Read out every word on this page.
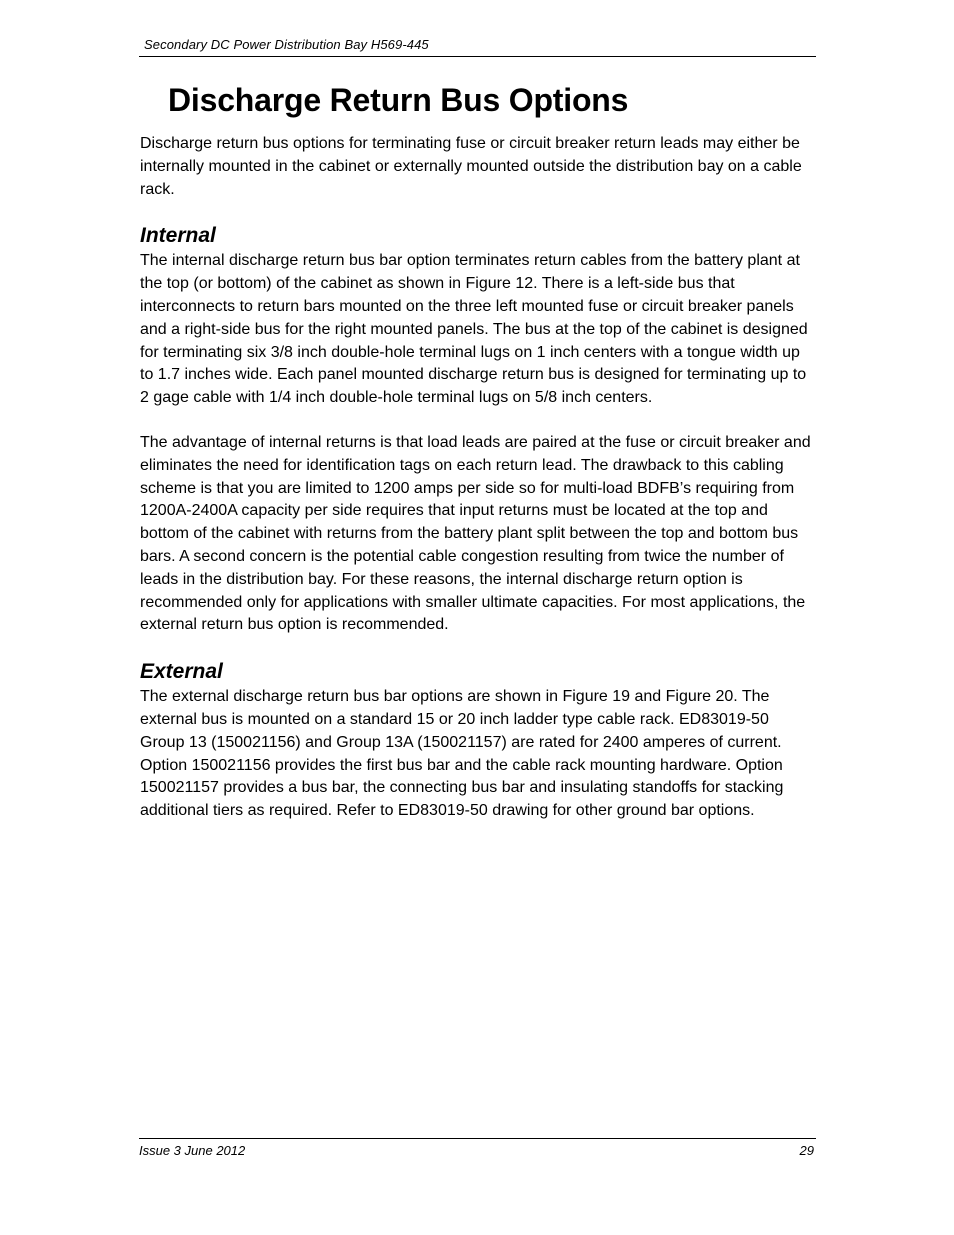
Secondary DC Power Distribution Bay H569-445
Discharge Return Bus Options

Discharge return bus options for terminating fuse or circuit breaker return leads may either be internally mounted in the cabinet or externally mounted outside the distribution bay on a cable rack.

Internal

The internal discharge return bus bar option terminates return cables from the battery plant at the top (or bottom) of the cabinet as shown in Figure 12. There is a left-side bus that interconnects to return bars mounted on the three left mounted fuse or circuit breaker panels and a right-side bus for the right mounted panels. The bus at the top of the cabinet is designed for terminating six 3/8 inch double-hole terminal lugs on 1 inch centers with a tongue width up to 1.7 inches wide. Each panel mounted discharge return bus is designed for terminating up to 2 gage cable with 1/4 inch double-hole terminal lugs on 5/8 inch centers.

The advantage of internal returns is that load leads are paired at the fuse or circuit breaker and eliminates the need for identification tags on each return lead. The drawback to this cabling scheme is that you are limited to 1200 amps per side so for multi-load BDFB’s requiring from 1200A-2400A capacity per side requires that input returns must be located at the top and bottom of the cabinet with returns from the battery plant split between the top and bottom bus bars. A second concern is the potential cable congestion resulting from twice the number of leads in the distribution bay. For these reasons, the internal discharge return option is recommended only for applications with smaller ultimate capacities. For most applications, the external return bus option is recommended.

External

The external discharge return bus bar options are shown in Figure 19 and Figure 20. The external bus is mounted on a standard 15 or 20 inch ladder type cable rack. ED83019-50 Group 13 (150021156) and Group 13A (150021157) are rated for 2400 amperes of current. Option 150021156 provides the first bus bar and the cable rack mounting hardware. Option 150021157 provides a bus bar, the connecting bus bar and insulating standoffs for stacking additional tiers as required. Refer to ED83019-50 drawing for other ground bar options.

Issue 3 June 2012	29
